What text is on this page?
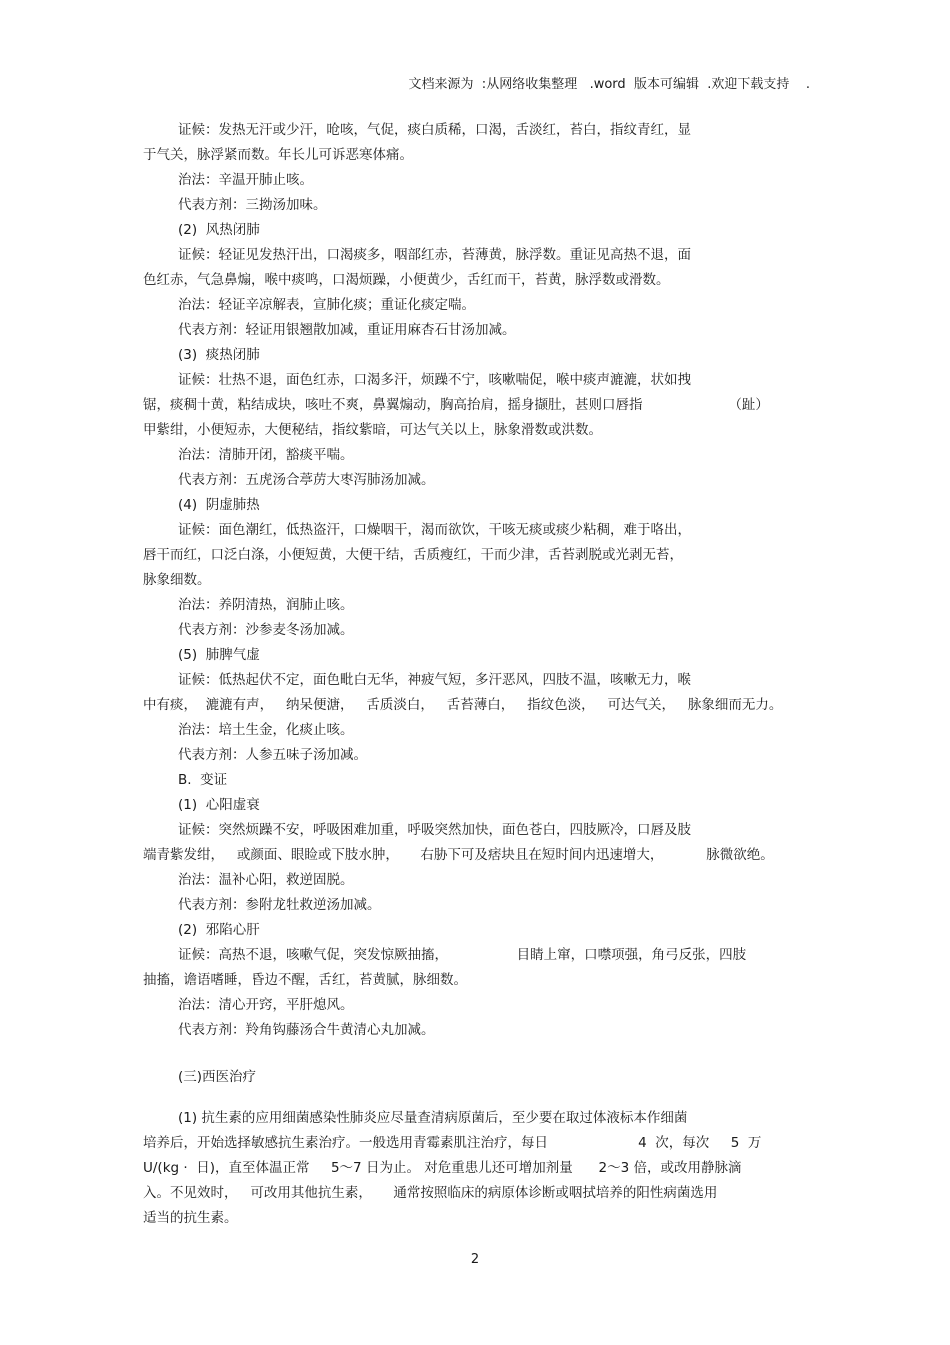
文档来源为  :从网络收集整理   .word  版本可编辑  .欢迎下载支持    .
证候：发热无汗或少汗，呛咳，气促，痰白质稀，口渴，舌淡红，苔白，指纹青红，显
于气关，脉浮紧而数。年长儿可诉恶寒体痛。
治法：辛温开肺止咳。
代表方剂：三拗汤加味。
(2)  风热闭肺
证候：轻证见发热汗出，口渴痰多，咽部红赤，苔薄黄，脉浮数。重证见高热不退，面
色红赤，气急鼻煽，喉中痰鸣，口渴烦躁，小便黄少，舌红而干，苔黄，脉浮数或滑数。
治法：轻证辛凉解表，宣肺化痰；重证化痰定喘。
代表方剂：轻证用银翘散加减，重证用麻杏石甘汤加减。
(3)  痰热闭肺
证候：壮热不退，面色红赤，口渴多汗，烦躁不宁，咳嗽喘促，喉中痰声漉漉，状如拽
锯，痰稠十黄，粘结成块，咳吐不爽，鼻翼煽动，胸高抬肩，摇身撷肚，甚则口唇指                    （趾）
甲紫绀，小便短赤，大便秘结，指纹紫暗，可达气关以上，脉象滑数或洪数。
治法：清肺开闭，豁痰平喘。
代表方剂：五虎汤合葶苈大枣泻肺汤加减。
(4)  阴虚肺热
证候：面色潮红，低热盗汗，口燥咽干，渴而欲饮，干咳无痰或痰少粘稠，难于咯出，
唇干而红，口泛白涤，小便短黄，大便干结，舌质瘦红，干而少津，舌苔剥脱或光剥无苔，
脉象细数。
治法：养阴清热，润肺止咳。
代表方剂：沙参麦冬汤加减。
(5)  肺脾气虚
证候：低热起伏不定，面色毗白无华，神疲气短，多汗恶风，四肢不温，咳嗽无力，喉
中有痰，  漉漉有声，   纳呆便溏，   舌质淡白，   舌苔薄白，   指纹色淡，   可达气关，   脉象细而无力。
治法：培土生金，化痰止咳。
代表方剂：人参五味子汤加减。
B.  变证
(1)  心阳虚衰
证候：突然烦躁不安，呼吸困难加重，呼吸突然加快，面色苍白，四肢厥冷，口唇及肢
端青紫发绀，   或颜面、眼睑或下肢水肿，     右胁下可及痞块且在短时间内迅速增大，          脉微欲绝。
治法：温补心阳，救逆固脱。
代表方剂：参附龙牡救逆汤加减。
(2)  邪陷心肝
证候：高热不退，咳嗽气促，突发惊厥抽搐，                目睛上窜，口噤项强，角弓反张，四肢
抽搐，谵语嗜睡，昏边不醒，舌红，苔黄腻，脉细数。
治法：清心开窍，平肝熄风。
代表方剂：羚角钩藤汤合牛黄清心丸加减。
(三)西医治疗
(1) 抗生素的应用细菌感染性肺炎应尽量查清病原菌后，至少要在取过体液标本作细菌
培养后，开始选择敏感抗生素治疗。一般选用青霉素肌注治疗，每日                     4  次，每次     5  万
U/(kg ·  日)，直至体温正常     5～7 日为止。 对危重患儿还可增加剂量      2～3 倍，或改用静脉滴
入。不见效时，   可改用其他抗生素，     通常按照临床的病原体诊断或咽拭培养的阳性病菌选用
适当的抗生素。
2
